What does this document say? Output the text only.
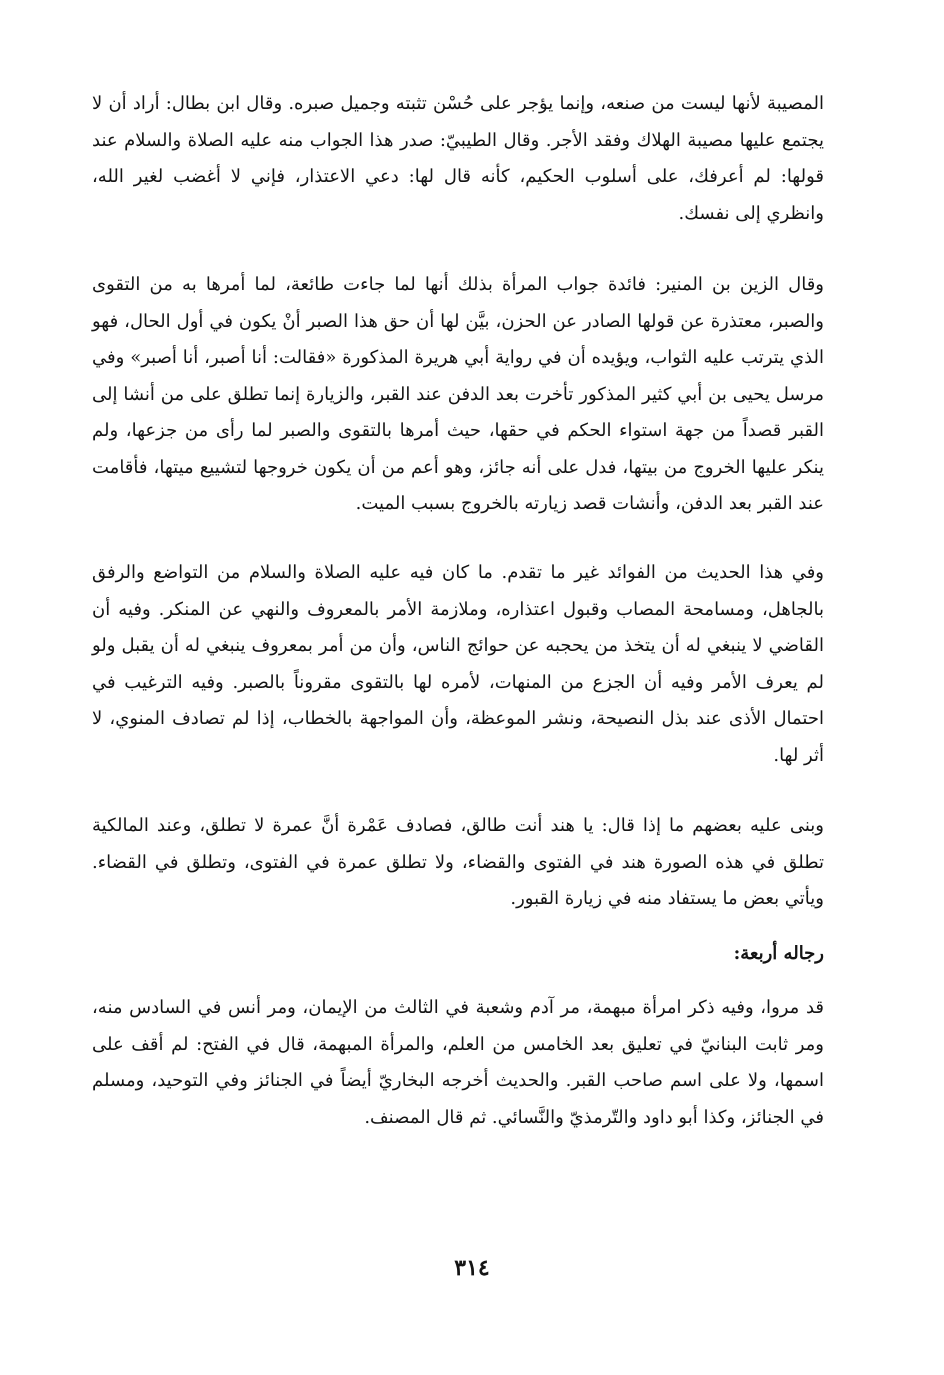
المصيبة لأنها ليست من صنعه، وإنما يؤجر على حُسْن تثبته وجميل صبره. وقال ابن بطال: أراد أن لا يجتمع عليها مصيبة الهلاك وفقد الأجر. وقال الطيبيّ: صدر هذا الجواب منه عليه الصلاة والسلام عند قولها: لم أعرفك، على أسلوب الحكيم، كأنه قال لها: دعي الاعتذار، فإني لا أغضب لغير الله، وانظري إلى نفسك.

وقال الزين بن المنير: فائدة جواب المرأة بذلك أنها لما جاءت طائعة، لما أمرها به من التقوى والصبر، معتذرة عن قولها الصادر عن الحزن، بيَّن لها أن حق هذا الصبر أنْ يكون في أول الحال، فهو الذي يترتب عليه الثواب، ويؤيده أن في رواية أبي هريرة المذكورة «فقالت: أنا أصبر، أنا أصبر» وفي مرسل يحيى بن أبي كثير المذكور تأخرت بعد الدفن عند القبر، والزيارة إنما تطلق على من أنشا إلى القبر قصداً من جهة استواء الحكم في حقها، حيث أمرها بالتقوى والصبر لما رأى من جزعها، ولم ينكر عليها الخروج من بيتها، فدل على أنه جائز، وهو أعم من أن يكون خروجها لتشييع ميتها، فأقامت عند القبر بعد الدفن، وأنشات قصد زيارته بالخروج بسبب الميت.

وفي هذا الحديث من الفوائد غير ما تقدم. ما كان فيه عليه الصلاة والسلام من التواضع والرفق بالجاهل، ومسامحة المصاب وقبول اعتذاره، وملازمة الأمر بالمعروف والنهي عن المنكر. وفيه أن القاضي لا ينبغي له أن يتخذ من يحجبه عن حوائج الناس، وأن من أمر بمعروف ينبغي له أن يقبل ولو لم يعرف الأمر وفيه أن الجزع من المنهات، لأمره لها بالتقوى مقروناً بالصبر. وفيه الترغيب في احتمال الأذى عند بذل النصيحة، ونشر الموعظة، وأن المواجهة بالخطاب، إذا لم تصادف المنوي، لا أثر لها.

وبنى عليه بعضهم ما إذا قال: يا هند أنت طالق، فصادف عَمْرة أنَّ عمرة لا تطلق، وعند المالكية تطلق في هذه الصورة هند في الفتوى والقضاء، ولا تطلق عمرة في الفتوى، وتطلق في القضاء. ويأتي بعض ما يستفاد منه في زيارة القبور.

رجاله أربعة:

قد مروا، وفيه ذكر امرأة مبهمة، مر آدم وشعبة في الثالث من الإيمان، ومر أنس في السادس منه، ومر ثابت البنانيّ في تعليق بعد الخامس من العلم، والمرأة المبهمة، قال في الفتح: لم أقف على اسمها، ولا على اسم صاحب القبر. والحديث أخرجه البخاريّ أيضاً في الجنائز وفي التوحيد، ومسلم في الجنائز، وكذا أبو داود والتّرمذيّ والنَّسائي. ثم قال المصنف.

٣١٤
